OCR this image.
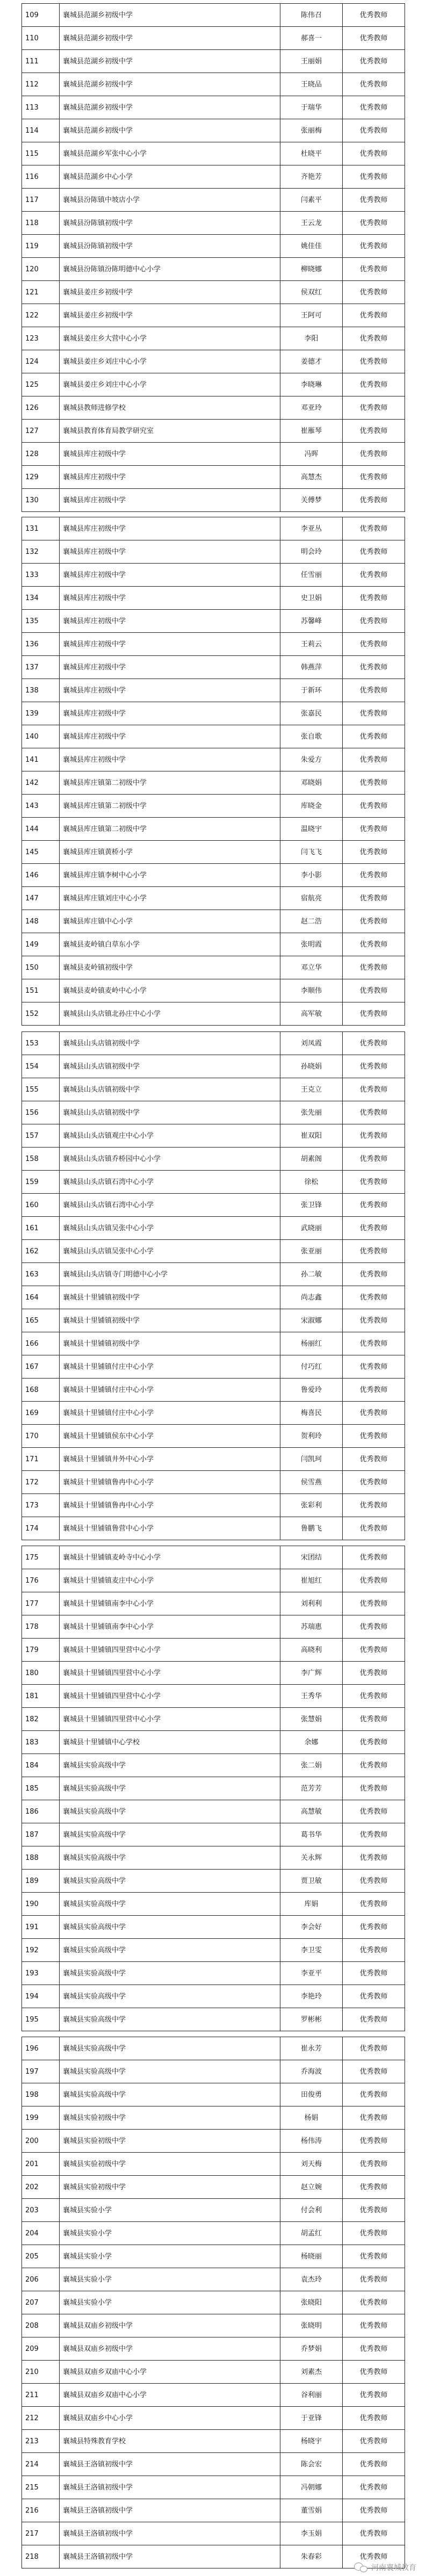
109	襄城县范湖乡初级中学	陈伟召	优秀教师
110	襄城县范湖乡初级中学	郝喜一	优秀教师
111	襄城县范湖乡初级中学	王丽娟	优秀教师
112	襄城县范湖乡初级中学	王晓品	优秀教师
113	襄城县范湖乡初级中学	于瑞华	优秀教师
114	襄城县范湖乡初级中学	张丽梅	优秀教师
115	襄城县范湖乡军张中心小学	杜晓平	优秀教师
116	襄城县范湖乡中心小学	齐艳芳	优秀教师
117	襄城县汾陈镇中坡店小学	闫素平	优秀教师
118	襄城县汾陈镇初级中学	王云龙	优秀教师
119	襄城县汾陈镇初级中学	姚佳佳	优秀教师
120	襄城县汾陈镇汾陈明德中心小学	柳晓娜	优秀教师
121	襄城县姜庄乡初级中学	侯双红	优秀教师
122	襄城县姜庄乡初级中学	王阿可	优秀教师
123	襄城县姜庄乡大营中心小学	李阳	优秀教师
124	襄城县姜庄乡刘庄中心小学	姜德才	优秀教师
125	襄城县姜庄乡刘庄中心小学	李晓琳	优秀教师
126	襄城县教师进修学校	邓亚玲	优秀教师
127	襄城县教育体育局教学研究室	崔雁琴	优秀教师
128	襄城县库庄初级中学	冯晖	优秀教师
129	襄城县库庄初级中学	高慧杰	优秀教师
130	襄城县库庄初级中学	关傅梦	优秀教师
131	襄城县库庄初级中学	李亚丛	优秀教师
132	襄城县库庄初级中学	明会玲	优秀教师
133	襄城县库庄初级中学	任雪丽	优秀教师
134	襄城县库庄初级中学	史卫娟	优秀教师
135	襄城县库庄初级中学	苏馨峰	优秀教师
136	襄城县库庄初级中学	王莉云	优秀教师
137	襄城县库庄初级中学	韩燕萍	优秀教师
138	襄城县库庄初级中学	于新环	优秀教师
139	襄城县库庄初级中学	张嘉民	优秀教师
140	襄城县库庄初级中学	张自歌	优秀教师
141	襄城县库庄初级中学	朱爱方	优秀教师
142	襄城县库庄镇第二初级中学	邓晓娟	优秀教师
143	襄城县库庄镇第二初级中学	库晓金	优秀教师
144	襄城县库庄镇第二初级中学	温晓宇	优秀教师
145	襄城县库庄镇黄桥小学	闫飞飞	优秀教师
146	襄城县库庄镇李树中心小学	李小影	优秀教师
147	襄城县库庄镇刘庄中心小学	宿航亮	优秀教师
148	襄城县库庄镇中心小学	赵二浩	优秀教师
149	襄城县麦岭镇白草东小学	张明霞	优秀教师
150	襄城县麦岭镇初级中学	邓立华	优秀教师
151	襄城县麦岭镇麦岭中心小学	李顺伟	优秀教师
152	襄城县山头店镇北孙庄中心小学	高军敏	优秀教师
153	襄城县山头店镇初级中学	刘凤霞	优秀教师
154	襄城县山头店镇初级中学	孙晓娟	优秀教师
155	襄城县山头店镇初级中学	王克立	优秀教师
156	襄城县山头店镇初级中学	张先丽	优秀教师
157	襄城县山头店镇观庄中心小学	崔双阳	优秀教师
158	襄城县山头店镇乔桥园中心小学	胡素阁	优秀教师
159	襄城县山头店镇石湾中心小学	徐松	优秀教师
160	襄城县山头店镇石湾中心小学	张卫锋	优秀教师
161	襄城县山头店镇吴张中心小学	武晓丽	优秀教师
162	襄城县山头店镇吴张中心小学	张亚丽	优秀教师
163	襄城县山头店镇寺门明德中心小学	孙二敏	优秀教师
164	襄城县十里铺镇初级中学	尚志鑫	优秀教师
165	襄城县十里铺镇初级中学	宋淑娜	优秀教师
166	襄城县十里铺镇初级中学	杨丽红	优秀教师
167	襄城县十里铺镇付庄中心小学	付巧红	优秀教师
168	襄城县十里铺镇付庄中心小学	鲁爱玲	优秀教师
169	襄城县十里铺镇付庄中心小学	梅喜民	优秀教师
170	襄城县十里铺镇侯东中心小学	贺利玲	优秀教师
171	襄城县十里铺镇井外中心小学	闫凯珂	优秀教师
172	襄城县十里铺镇鲁冉中心小学	侯雪燕	优秀教师
173	襄城县十里铺镇鲁冉中心小学	张彩利	优秀教师
174	襄城县十里铺镇鲁营中心小学	鲁鹏飞	优秀教师
175	襄城县十里铺镇麦岭寺中心小学	宋团结	优秀教师
176	襄城县十里铺镇麦庄中心小学	崔旭红	优秀教师
177	襄城县十里铺镇南李中心小学	刘利利	优秀教师
178	襄城县十里铺镇南李中心小学	苏瑞惠	优秀教师
179	襄城县十里铺镇四里营中心小学	高晓利	优秀教师
180	襄城县十里铺镇四里营中心小学	李广辉	优秀教师
181	襄城县十里铺镇四里营中心小学	王秀华	优秀教师
182	襄城县十里铺镇四里营中心小学	张慧娟	优秀教师
183	襄城县十里铺镇中心学校	余娜	优秀教师
184	襄城县实验高级中学	张二娟	优秀教师
185	襄城县实验高级中学	范芳芳	优秀教师
186	襄城县实验高级中学	高慧敏	优秀教师
187	襄城县实验高级中学	葛书华	优秀教师
188	襄城县实验高级中学	关永辉	优秀教师
189	襄城县实验高级中学	贾卫敏	优秀教师
190	襄城县实验高级中学	库娟	优秀教师
191	襄城县实验高级中学	李会好	优秀教师
192	襄城县实验高级中学	李卫雯	优秀教师
193	襄城县实验高级中学	李亚平	优秀教师
194	襄城县实验高级中学	李艳玲	优秀教师
195	襄城县实验高级中学	罗彬彬	优秀教师
196	襄城县实验高级中学	崔永芳	优秀教师
197	襄城县实验高级中学	乔海波	优秀教师
198	襄城县实验高级中学	田俊勇	优秀教师
199	襄城县实验初级中学	杨娟	优秀教师
200	襄城县实验初级中学	杨伟涛	优秀教师
201	襄城县实验初级中学	刘天梅	优秀教师
202	襄城县实验初级中学	赵立婉	优秀教师
203	襄城县实验小学	付会利	优秀教师
204	襄城县实验小学	胡孟红	优秀教师
205	襄城县实验小学	杨晓丽	优秀教师
206	襄城县实验小学	袁杰玲	优秀教师
207	襄城县实验小学	张晓阳	优秀教师
208	襄城县双庙乡初级中学	张晓明	优秀教师
209	襄城县双庙乡初级中学	乔梦娟	优秀教师
210	襄城县双庙乡双庙中心小学	刘素杰	优秀教师
211	襄城县双庙乡双庙中心小学	谷利丽	优秀教师
212	襄城县双庙乡中心小学	于亚锋	优秀教师
213	襄城县特殊教育学校	杨晓宇	优秀教师
214	襄城县王洛镇初级中学	陈会宏	优秀教师
215	襄城县王洛镇初级中学	冯朝娜	优秀教师
216	襄城县王洛镇初级中学	董雪娟	优秀教师
217	襄城县王洛镇初级中学	李玉娟	优秀教师
218	襄城县王洛镇初级中学	朱春彩	优秀教师
河南襄城教育
